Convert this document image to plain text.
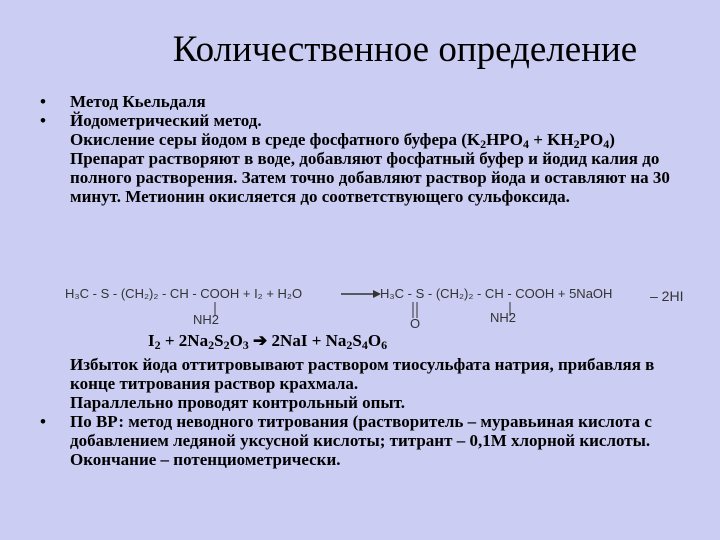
Количественное определение
•	Метод Кьельдаля
•	Йодометрический метод.
Окисление серы йодом в среде фосфатного буфера $(K_2HPO_4 + KH_2PO_4)$
Препарат растворяют в воде, добавляют фосфатный буфер и йодид калия до полного растворения. Затем точно добавляют раствор йода и оставляют на 30 минут. Метионин окисляется до соответствующего сульфоксида.
H₃C - S - (CH₂)₂ - CH - COOH + I₂ + H₂O	H₃C - S - (CH₂)₂ - CH - COOH + 5NaOH	– 2HI
NH2	O	NH2
$I_2 + 2Na_2S_2O_3$ ➔ $2NaI + Na_2S_4O_6$
Избыток йода оттитровывают раствором тиосульфата натрия, прибавляя в конце титрования раствор крахмала.
Параллельно проводят контрольный опыт.
•	По ВР: метод неводного титрования (растворитель – муравьиная кислота с добавлением ледяной уксусной кислоты; титрант – 0,1М хлорной кислоты. Окончание – потенциометрически.
